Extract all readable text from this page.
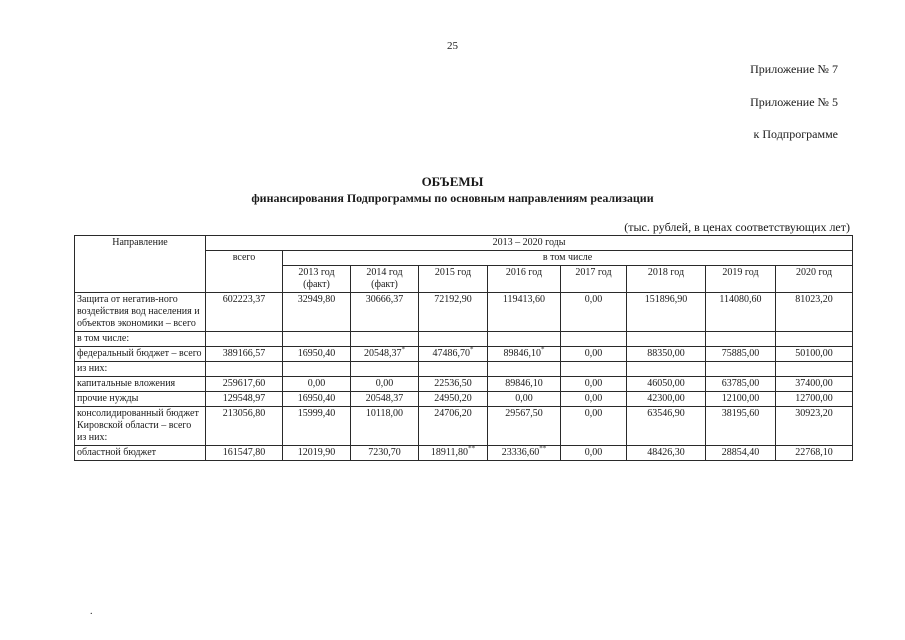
25
Приложение № 7
Приложение № 5
к Подпрограмме
ОБЪЕМЫ
финансирования Подпрограммы по основным направлениям реализации
(тыс. рублей, в ценах соответствующих лет)
Направление	2013 – 2020 годы								
	всего	в том числе							
		2013 год (факт)	2014 год (факт)	2015 год	2016 год	2017 год	2018 год	2019 год	2020 год
Защита от негатив-ного воздействия вод населения и объектов экономики – всего	602223,37	32949,80	30666,37	72192,90	119413,60	0,00	151896,90	114080,60	81023,20
в том числе:									
федеральный бюджет – всего	389166,57	16950,40	20548,37*	47486,70*	89846,10*	0,00	88350,00	75885,00	50100,00
из них:									
капитальные вложения	259617,60	0,00	0,00	22536,50	89846,10	0,00	46050,00	63785,00	37400,00
прочие нужды	129548,97	16950,40	20548,37	24950,20	0,00	0,00	42300,00	12100,00	12700,00
консолидированный бюджет Кировской области – всего из них:	213056,80	15999,40	10118,00	24706,20	29567,50	0,00	63546,90	38195,60	30923,20
областной бюджет	161547,80	12019,90	7230,70	18911,80**	23336,60**	0,00	48426,30	28854,40	22768,10
.
